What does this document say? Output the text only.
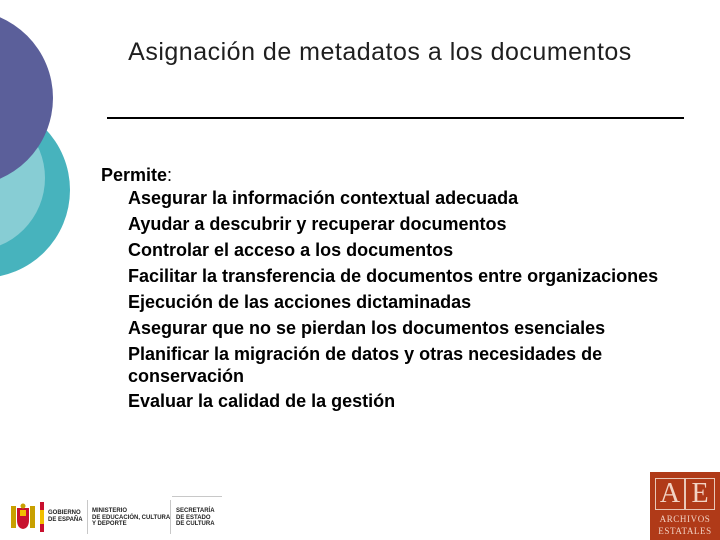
Asignación de metadatos a los documentos
Permite:
Asegurar la información contextual adecuada
Ayudar a descubrir y recuperar documentos
Controlar el acceso a los documentos
Facilitar la transferencia de documentos entre organizaciones
Ejecución de las acciones dictaminadas
Asegurar que no se pierdan los documentos esenciales
Planificar la migración de datos y otras necesidades de conservación
Evaluar la calidad de la gestión
GOBIERNO
DE ESPAÑA
MINISTERIO
DE EDUCACIÓN, CULTURA
Y DEPORTE
SECRETARÍA
DE ESTADO
DE CULTURA
A E
ARCHIVOS
ESTATALES
